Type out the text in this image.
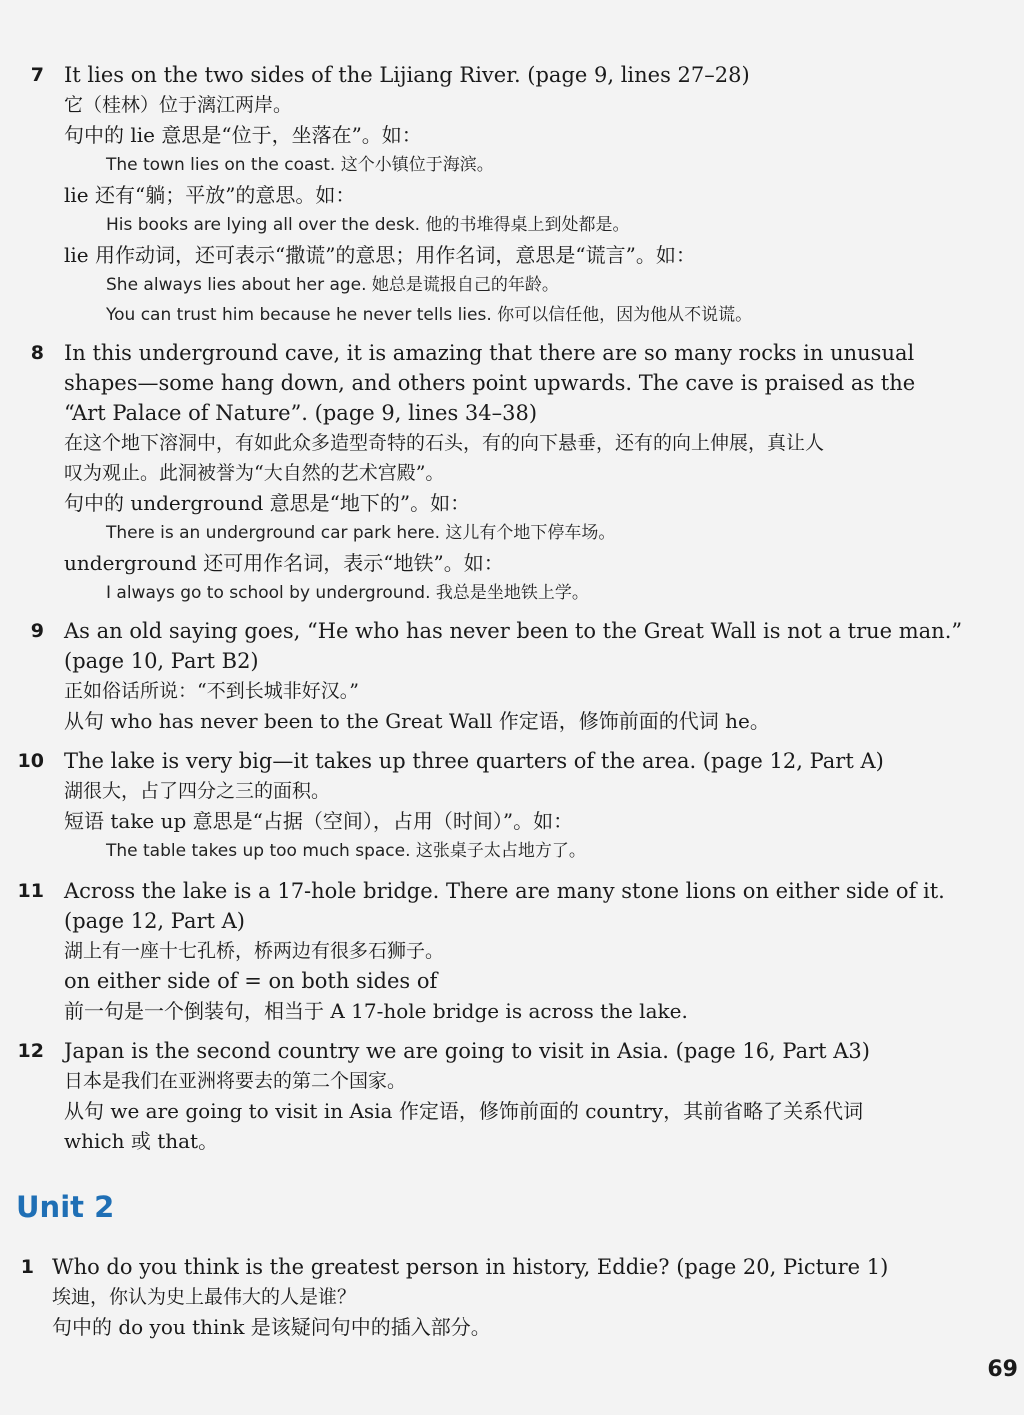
7 It lies on the two sides of the Lijiang River. (page 9, lines 27–28)
它（桂林）位于漓江两岸。
句中的 lie 意思是“位于，坐落在”。如：
The town lies on the coast. 这个小镇位于海滨。
lie 还有“躺；平放”的意思。如：
His books are lying all over the desk. 他的书堆得桌上到处都是。
lie 用作动词，还可表示“撒谎”的意思；用作名词，意思是“谎言”。如：
She always lies about her age. 她总是谎报自己的年龄。
You can trust him because he never tells lies. 你可以信任他，因为他从不说谎。
8 In this underground cave, it is amazing that there are so many rocks in unusual
shapes—some hang down, and others point upwards. The cave is praised as the
“Art Palace of Nature”. (page 9, lines 34–38)
在这个地下溶洞中，有如此众多造型奇特的石头，有的向下悬垂，还有的向上伸展，真让人
叹为观止。此洞被誉为“大自然的艺术宫殿”。
句中的 underground 意思是“地下的”。如：
There is an underground car park here. 这儿有个地下停车场。
underground 还可用作名词，表示“地铁”。如：
I always go to school by underground. 我总是坐地铁上学。
9 As an old saying goes, “He who has never been to the Great Wall is not a true man.”
(page 10, Part B2)
正如俗话所说：“不到长城非好汉。”
从句 who has never been to the Great Wall 作定语，修饰前面的代词 he。
10 The lake is very big—it takes up three quarters of the area. (page 12, Part A)
湖很大，占了四分之三的面积。
短语 take up 意思是“占据（空间），占用（时间）”。如：
The table takes up too much space. 这张桌子太占地方了。
11 Across the lake is a 17-hole bridge. There are many stone lions on either side of it.
(page 12, Part A)
湖上有一座十七孔桥，桥两边有很多石狮子。
on either side of = on both sides of
前一句是一个倒装句，相当于 A 17-hole bridge is across the lake.
12 Japan is the second country we are going to visit in Asia. (page 16, Part A3)
日本是我们在亚洲将要去的第二个国家。
从句 we are going to visit in Asia 作定语，修饰前面的 country，其前省略了关系代词
which 或 that。
Unit 2
1 Who do you think is the greatest person in history, Eddie? (page 20, Picture 1)
埃迪，你认为史上最伟大的人是谁？
句中的 do you think 是该疑问句中的插入部分。
69
